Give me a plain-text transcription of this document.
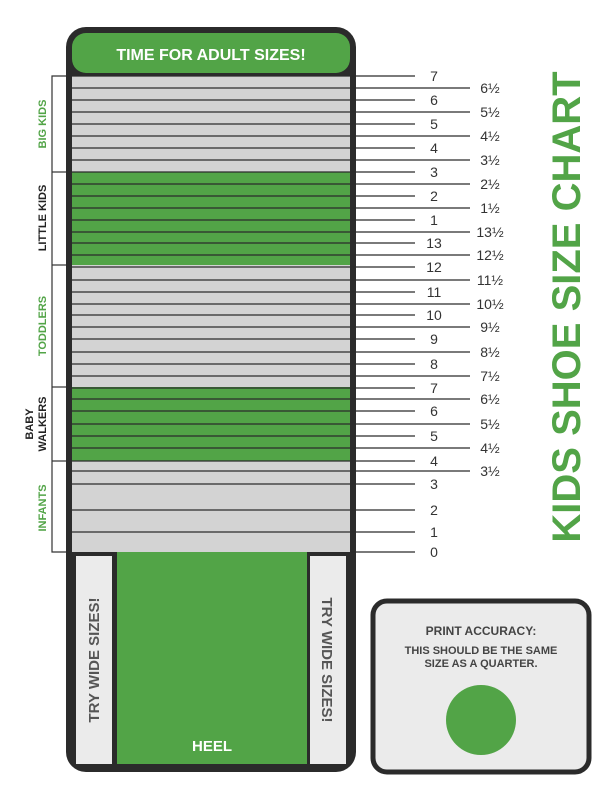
TIME FOR ADULT SIZES!
HEEL
TRY WIDE SIZES!	TRY WIDE SIZES!
BIG KIDS
LITTLE KIDS
TODDLERS
BABY WALKERS
INFANTS
7
6
5
4
3
2
1
13
12
11
10
9
8
7
6
5
4
3
2
1
0
6½
5½
4½
3½
2½
1½
13½
12½
11½
10½
9½
8½
7½
6½
5½
4½
3½ KIDS SHOE SIZE CHART
PRINT ACCURACY:
THIS SHOULD BE THE SAME
SIZE AS A QUARTER.
